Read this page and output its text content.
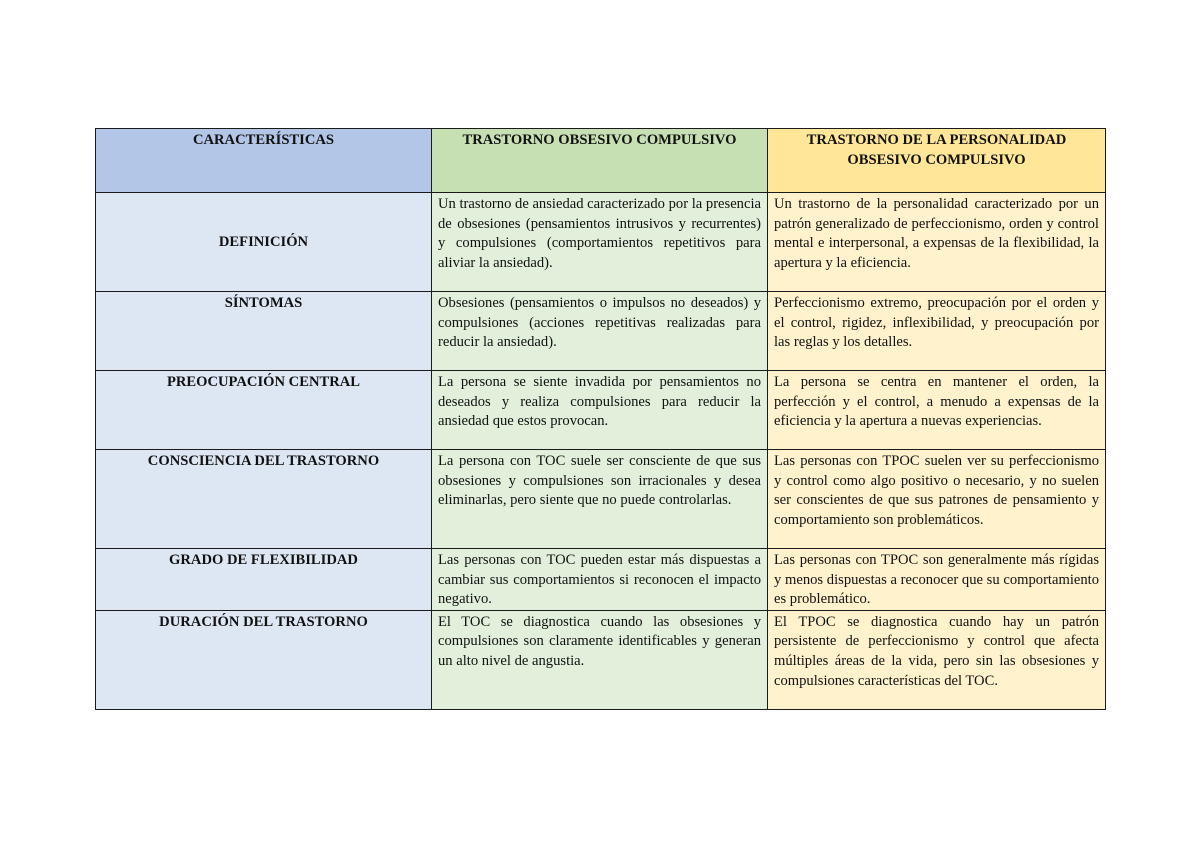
CARACTERÍSTICAS	TRASTORNO OBSESIVO COMPULSIVO	TRASTORNO DE LA PERSONALIDAD OBSESIVO COMPULSIVO
DEFINICIÓN	Un trastorno de ansiedad caracterizado por la presencia de obsesiones (pensamientos intrusivos y recurrentes) y compulsiones (comportamientos repetitivos para aliviar la ansiedad).	Un trastorno de la personalidad caracterizado por un patrón generalizado de perfeccionismo, orden y control mental e interpersonal, a expensas de la flexibilidad, la apertura y la eficiencia.
SÍNTOMAS	Obsesiones (pensamientos o impulsos no deseados) y compulsiones (acciones repetitivas realizadas para reducir la ansiedad).	Perfeccionismo extremo, preocupación por el orden y el control, rigidez, inflexibilidad, y preocupación por las reglas y los detalles.
PREOCUPACIÓN CENTRAL	La persona se siente invadida por pensamientos no deseados y realiza compulsiones para reducir la ansiedad que estos provocan.	La persona se centra en mantener el orden, la perfección y el control, a menudo a expensas de la eficiencia y la apertura a nuevas experiencias.
CONSCIENCIA DEL TRASTORNO	La persona con TOC suele ser consciente de que sus obsesiones y compulsiones son irracionales y desea eliminarlas, pero siente que no puede controlarlas.	Las personas con TPOC suelen ver su perfeccionismo y control como algo positivo o necesario, y no suelen ser conscientes de que sus patrones de pensamiento y comportamiento son problemáticos.
GRADO DE FLEXIBILIDAD	Las personas con TOC pueden estar más dispuestas a cambiar sus comportamientos si reconocen el impacto negativo.	Las personas con TPOC son generalmente más rígidas y menos dispuestas a reconocer que su comportamiento es problemático.
DURACIÓN DEL TRASTORNO	El TOC se diagnostica cuando las obsesiones y compulsiones son claramente identificables y generan un alto nivel de angustia.	El TPOC se diagnostica cuando hay un patrón persistente de perfeccionismo y control que afecta múltiples áreas de la vida, pero sin las obsesiones y compulsiones características del TOC.
